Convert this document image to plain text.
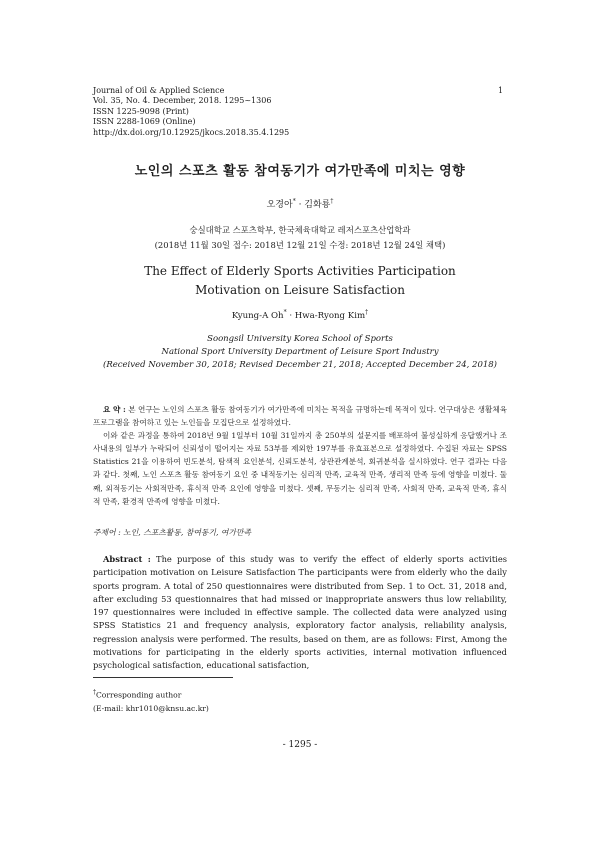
Journal of Oil & Applied Science
Vol. 35, No. 4. December, 2018. 1295~1306
ISSN 1225-9098 (Print)
ISSN 2288-1069 (Online)
http://dx.doi.org/10.12925/jkocs.2018.35.4.1295
1
노인의 스포츠 활동 참여동기가 여가만족에 미치는 영향
오경아* · 김화룡†
숭실대학교 스포츠학부, 한국체육대학교 레저스포츠산업학과
(2018년 11월 30일 접수: 2018년 12월 21일 수정: 2018년 12월 24일 채택)
The Effect of Elderly Sports Activities Participation
Motivation on Leisure Satisfaction
Kyung-A Oh* · Hwa-Ryong Kim†
Soongsil University Korea School of Sports
National Sport University Department of Leisure Sport Industry
(Received November 30, 2018; Revised December 21, 2018; Accepted December 24, 2018)

요 약 : 본 연구는 노인의 스포츠 활동 참여동기가 여가만족에 미치는 목적을 규명하는데 목적이 있다. 연구대상은 생활체육 프로그램을 참여하고 있는 노인들을 모집단으로 설정하였다.

이와 같은 과정을 통하여 2018년 9월 1일부터 10월 31일까지 총 250부의 설문지를 배포하여 불성실하게 응답했거나 조사내용의 일부가 누락되어 신뢰성이 떨어지는 자료 53부를 제외한 197부를 유효표본으로 설정하였다. 수집된 자료는 SPSS Statistics 21을 이용하여 빈도분석, 탐색적 요인분석, 신뢰도분석, 상관관계분석, 회귀분석을 실시하였다. 연구 결과는 다음과 같다. 첫째, 노인 스포츠 활동 참여동기 요인 중 내적동기는 심리적 만족, 교육적 만족, 생리적 만족 등에 영향을 미쳤다. 둘째, 외적동기는 사회적만족, 휴식적 만족 요인에 영향을 미쳤다. 셋째, 무동기는 심리적 만족, 사회적 만족, 교육적 만족, 휴식적 만족, 환경적 만족에 영향을 미쳤다.

주제어 : 노인, 스포츠활동, 참여동기, 여가만족

Abstract : The purpose of this study was to verify the effect of elderly sports activities participation motivation on Leisure Satisfaction The participants were from elderly who the daily sports program. A total of 250 questionnaires were distributed from Sep. 1 to Oct. 31, 2018 and, after excluding 53 questionnaires that had missed or inappropriate answers thus low reliability, 197 questionnaires were included in effective sample. The collected data were analyzed using SPSS Statistics 21 and frequency analysis, exploratory factor analysis, reliability analysis, regression analysis were performed. The results, based on them, are as follows: First, Among the motivations for participating in the elderly sports activities, internal motivation influenced psychological satisfaction, educational satisfaction,

†Corresponding author
(E-mail: khr1010@knsu.ac.kr)
- 1295 -
